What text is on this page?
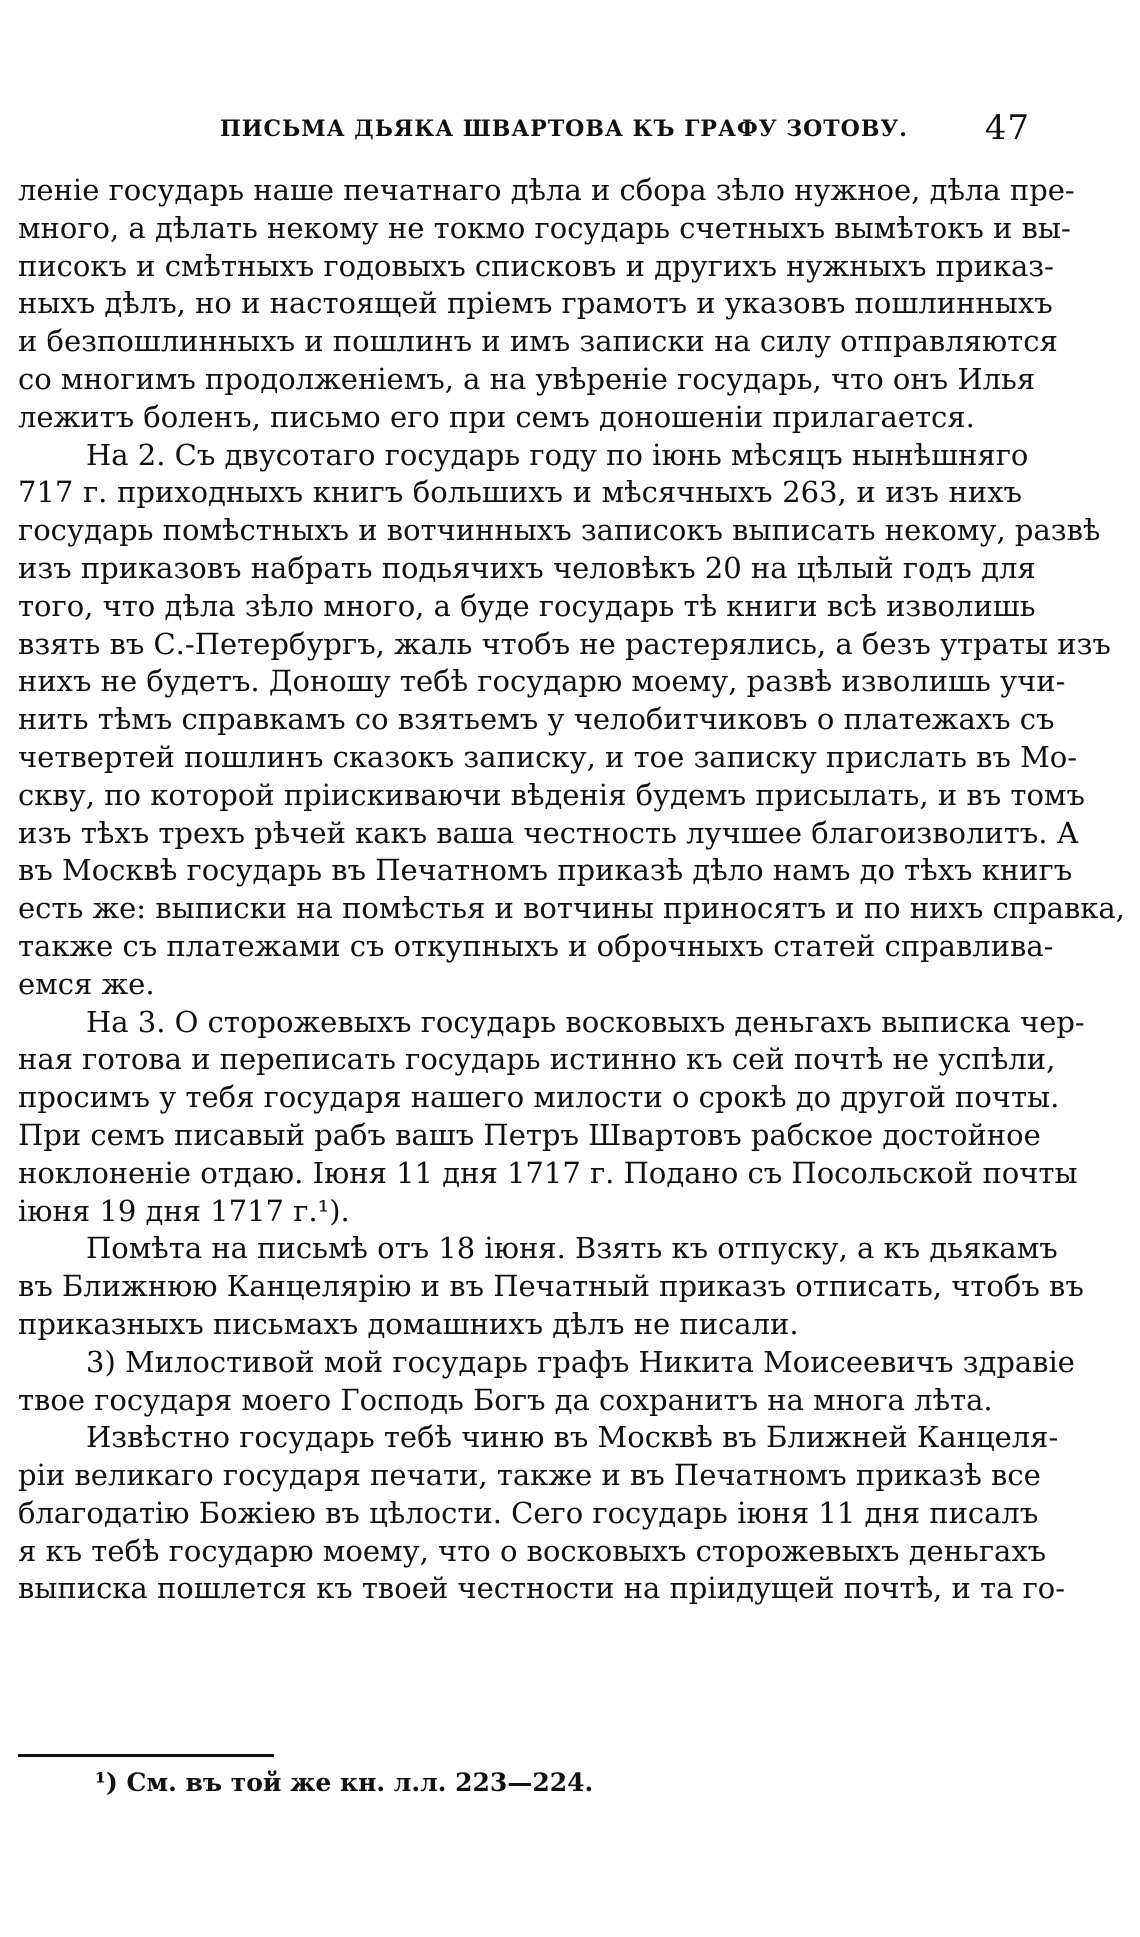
ПИСЬМА ДЬЯКА ШВАРТОВА КЪ ГРАФУ ЗОТОВУ. 47
леніе государь наше печатнаго дѣла и сбора зѣло нужное, дѣла пре-
много, а дѣлать некому не токмо государь счетныхъ вымѣтокъ и вы-
писокъ и смѣтныхъ годовыхъ списковъ и другихъ нужныхъ приказ-
ныхъ дѣлъ, но и настоящей пріемъ грамотъ и указовъ пошлинныхъ
и безпошлинныхъ и пошлинъ и имъ записки на силу отправляются
со многимъ продолженіемъ, а на увѣреніе государь, что онъ Илья
лежитъ боленъ, письмо его при семъ доношеніи прилагается.
На 2. Съ двусотаго государь году по іюнь мѣсяцъ нынѣшняго
717 г. приходныхъ книгъ большихъ и мѣсячныхъ 263, и изъ нихъ
государь помѣстныхъ и вотчинныхъ записокъ выписать некому, развѣ
изъ приказовъ набрать подьячихъ человѣкъ 20 на цѣлый годъ для
того, что дѣла зѣло много, а буде государь тѣ книги всѣ изволишь
взять въ С.-Петербургъ, жаль чтобъ не растерялись, а безъ утраты изъ
нихъ не будетъ. Доношу тебѣ государю моему, развѣ изволишь учи-
нить тѣмъ справкамъ со взятьемъ у челобитчиковъ о платежахъ съ
четвертей пошлинъ сказокъ записку, и тое записку прислать въ Мо-
скву, по которой пріискиваючи вѣденія будемъ присылать, и въ томъ
изъ тѣхъ трехъ рѣчей какъ ваша честность лучшее благоизволитъ. А
въ Москвѣ государь въ Печатномъ приказѣ дѣло намъ до тѣхъ книгъ
есть же: выписки на помѣстья и вотчины приносятъ и по нихъ справка,
также съ платежами съ откупныхъ и оброчныхъ статей справлива-
емся же.
На 3. О сторожевыхъ государь восковыхъ деньгахъ выписка чер-
ная готова и переписать государь истинно къ сей почтѣ не успѣли,
просимъ у тебя государя нашего милости о срокѣ до другой почты.
При семъ писавый рабъ вашъ Петръ Швартовъ рабское достойное
ноклоненіе отдаю. Іюня 11 дня 1717 г. Подано съ Посольской почты
іюня 19 дня 1717 г.¹).
Помѣта на письмѣ отъ 18 іюня. Взять къ отпуску, а къ дьякамъ
въ Ближнюю Канцелярію и въ Печатный приказъ отписать, чтобъ въ
приказныхъ письмахъ домашнихъ дѣлъ не писали.
3) Милостивой мой государь графъ Никита Моисеевичъ здравіе
твое государя моего Господь Богъ да сохранитъ на многа лѣта.
Извѣстно государь тебѣ чиню въ Москвѣ въ Ближней Канцеля-
ріи великаго государя печати, также и въ Печатномъ приказѣ все
благодатію Божіею въ цѣлости. Сего государь іюня 11 дня писалъ
я къ тебѣ государю моему, что о восковыхъ сторожевыхъ деньгахъ
выписка пошлется къ твоей честности на пріидущей почтѣ, и та го-
¹) См. въ той же кн. л.л. 223—224.
